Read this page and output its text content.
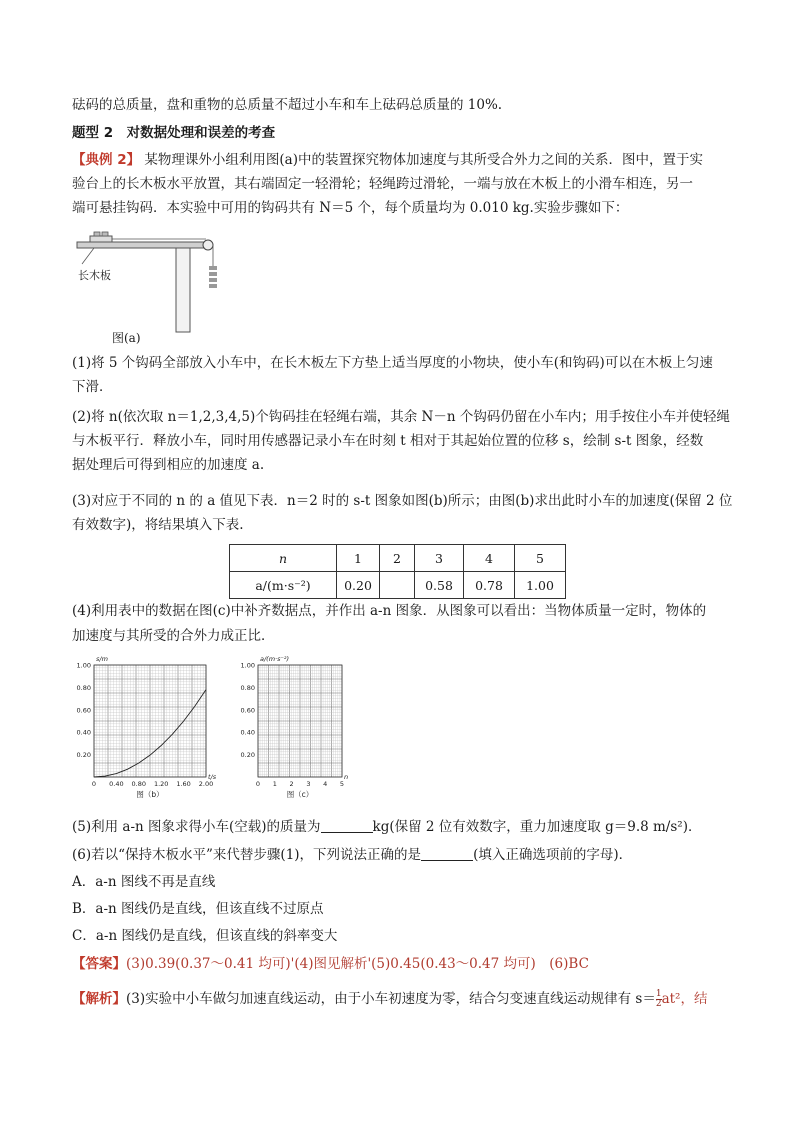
砝码的总质量，盘和重物的总质量不超过小车和车上砝码总质量的 10%.
题型 2　对数据处理和误差的考查
【典例 2】 某物理课外小组利用图(a)中的装置探究物体加速度与其所受合外力之间的关系．图中，置于实
验台上的长木板水平放置，其右端固定一轻滑轮；轻绳跨过滑轮，一端与放在木板上的小滑车相连，另一
端可悬挂钩码．本实验中可用的钩码共有 N＝5 个，每个质量均为 0.010 kg.实验步骤如下：
长木板
图(a)
(1)将 5 个钩码全部放入小车中，在长木板左下方垫上适当厚度的小物块，使小车(和钩码)可以在木板上匀速
下滑．
(2)将 n(依次取 n＝1,2,3,4,5)个钩码挂在轻绳右端，其余 N－n 个钩码仍留在小车内；用手按住小车并使轻绳
与木板平行．释放小车，同时用传感器记录小车在时刻 t 相对于其起始位置的位移 s，绘制 s-t 图象，经数
据处理后可得到相应的加速度 a.
(3)对应于不同的 n 的 a 值见下表．n＝2 时的 s-t 图象如图(b)所示；由图(b)求出此时小车的加速度(保留 2 位
有效数字)，将结果填入下表.
n	1	2	3	4	5
a/(m·s⁻²)	0.20		0.58	0.78	1.00
(4)利用表中的数据在图(c)中补齐数据点，并作出 a-n 图象．从图象可以看出：当物体质量一定时，物体的
加速度与其所受的合外力成正比．
1.00
0.80
0.60
0.40
0.20
0 0.40 0.80 1.20 1.60 2.00
s/m
t/s
图（b）
1.00
0.80
0.60
0.40
0.20
0 1 2 3 4 5
a/(m·s⁻²)
n
图（c）
(5)利用 a-n 图象求得小车(空载)的质量为	kg(保留 2 位有效数字，重力加速度取 g＝9.8 m/s²)．
(6)若以“保持木板水平”来代替步骤(1)，下列说法正确的是	(填入正确选项前的字母)．
A．a-n 图线不再是直线
B．a-n 图线仍是直线，但该直线不过原点
C．a-n 图线仍是直线，但该直线的斜率变大
【答案】(3)0.39(0.37～0.41 均可)'(4)图见解析'(5)0.45(0.43～0.47 均可)　(6)BC
【解析】(3)实验中小车做匀加速直线运动，由于小车初速度为零，结合匀变速直线运动规律有 $s= \frac{1}{2} at^2$，结
